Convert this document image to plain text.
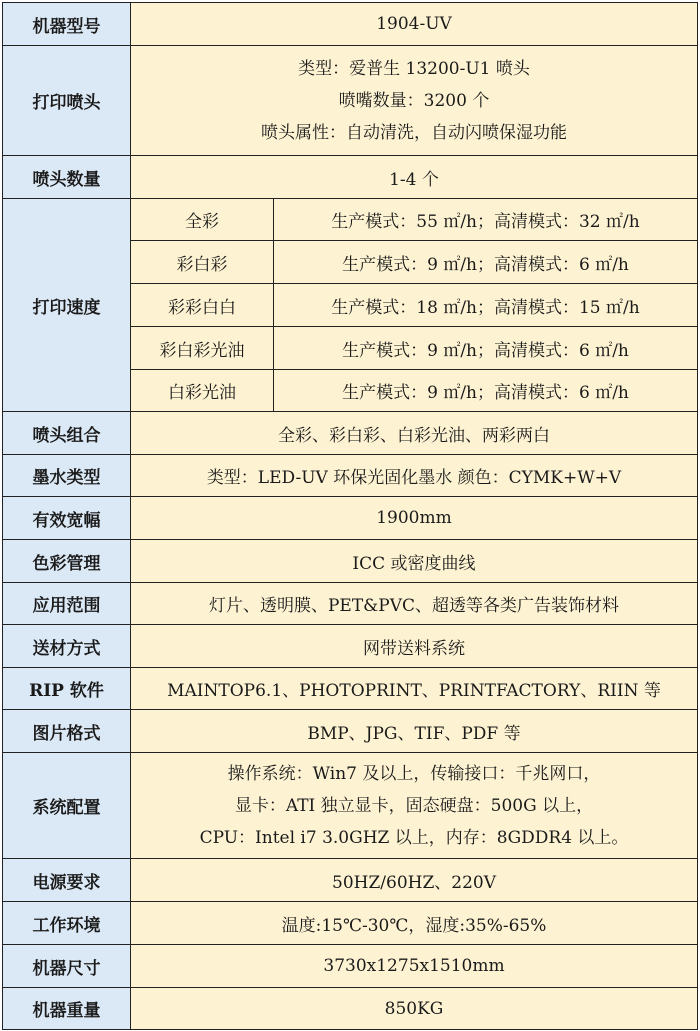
机器型号	1904-UV	
打印喷头	类型：爱普生 13200-U1 喷头
喷嘴数量：3200 个
喷头属性：自动清洗，自动闪喷保湿功能	

喷头数量	1-4 个	
打印速度	全彩	生产模式：55 ㎡/h；高清模式：32 ㎡/h
	彩白彩	生产模式：9 ㎡/h；高清模式：6 ㎡/h
	彩彩白白	生产模式：18 ㎡/h；高清模式：15 ㎡/h
	彩白彩光油	生产模式：9 ㎡/h；高清模式：6 ㎡/h
	白彩光油	生产模式：9 ㎡/h；高清模式：6 ㎡/h
喷头组合	全彩、彩白彩、白彩光油、两彩两白	
墨水类型	类型：LED-UV 环保光固化墨水 颜色：CYMK+W+V	
有效宽幅	1900mm	
色彩管理	ICC 或密度曲线	
应用范围	灯片、透明膜、PET&PVC、超透等各类广告装饰材料	
送材方式	网带送料系统	
RIP 软件	MAINTOP6.1、PHOTOPRINT、PRINTFACTORY、RIIN 等	
图片格式	BMP、JPG、TIF、PDF 等	
系统配置	操作系统：Win7 及以上，传输接口：千兆网口，
显卡：ATI 独立显卡，固态硬盘：500G 以上，
CPU：Intel i7 3.0GHZ 以上，内存：8GDDR4 以上。	

电源要求	50HZ/60HZ、220V	
工作环境	温度:15℃-30℃，湿度:35%-65%	
机器尺寸	3730x1275x1510mm	
机器重量	850KG	
